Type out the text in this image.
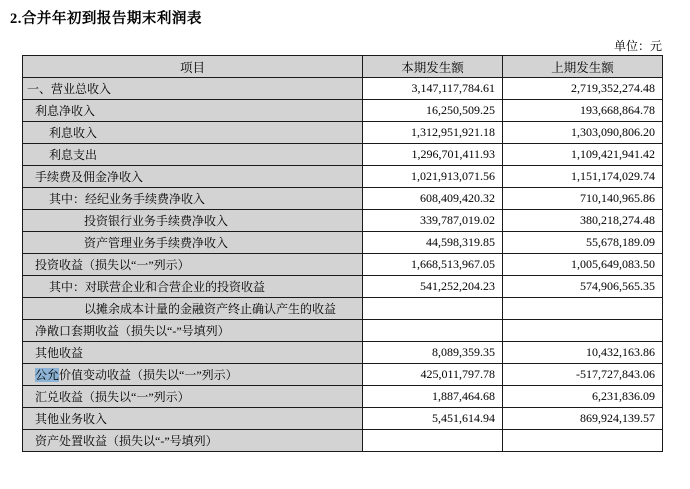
2.合并年初到报告期末利润表
单位：元
项目	本期发生额	上期发生额
一、营业总收入	3,147,117,784.61	2,719,352,274.48
利息净收入	16,250,509.25	193,668,864.78
利息收入	1,312,951,921.18	1,303,090,806.20
利息支出	1,296,701,411.93	1,109,421,941.42
手续费及佣金净收入	1,021,913,071.56	1,151,174,029.74
其中：经纪业务手续费净收入	608,409,420.32	710,140,965.86
投资银行业务手续费净收入	339,787,019.02	380,218,274.48
资产管理业务手续费净收入	44,598,319.85	55,678,189.09
投资收益（损失以“一”列示）	1,668,513,967.05	1,005,649,083.50
其中：对联营企业和合营企业的投资收益	541,252,204.23	574,906,565.35
以摊余成本计量的金融资产终止确认产生的收益		
净敞口套期收益（损失以“-”号填列）		
其他收益	8,089,359.35	10,432,163.86
公允价值变动收益（损失以“一”列示）	425,011,797.78	-517,727,843.06
汇兑收益（损失以“一”列示）	1,887,464.68	6,231,836.09
其他业务收入	5,451,614.94	869,924,139.57
资产处置收益（损失以“-”号填列）		
